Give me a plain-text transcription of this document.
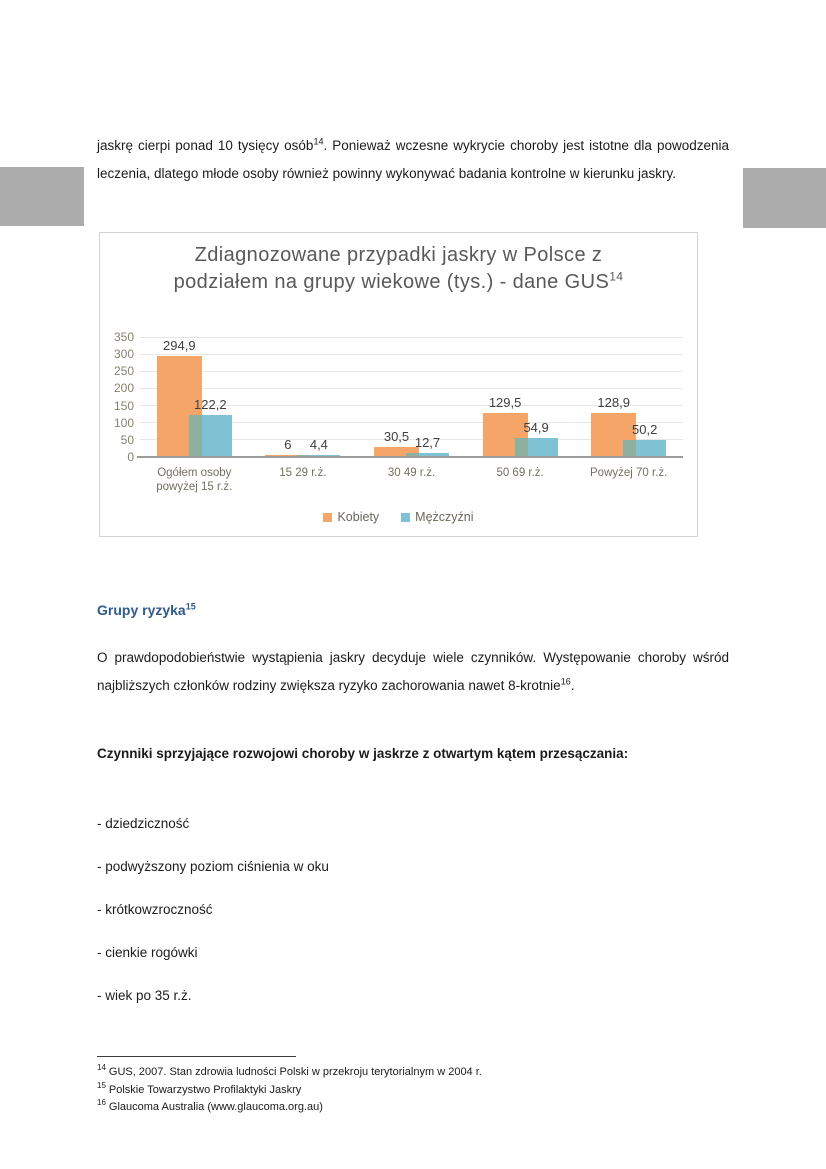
jaskrę cierpi ponad 10 tysięcy osób$^{14}$. Ponieważ wczesne wykrycie choroby jest istotne dla powodzenia leczenia, dlatego młode osoby również powinny wykonywać badania kontrolne w kierunku jaskry.

Zdiagnozowane przypadki jaskry w Polsce z podziałem na grupy wiekowe (tys.) - dane GUS$^{14}$
0
50
100
150
200
250
300
350
294,9
122,2
Ogółem osoby powyżej 15 r.ż.
6	4,4
15 29 r.ż.
30,5 12,7
30 49 r.ż.
129,5
54,9
50 69 r.ż.
128,9
50,2
Powyżej 70 r.ż.
Kobiety	Mężczyźni
Grupy ryzyka$^{15}$

O prawdopodobieństwie wystąpienia jaskry decyduje wiele czynników. Występowanie choroby wśród najbliższych członków rodziny zwiększa ryzyko zachorowania nawet 8-krotnie$^{16}$.

Czynniki sprzyjające rozwojowi choroby w jaskrze z otwartym kątem przesączania:

- dziedziczność

- podwyższony poziom ciśnienia w oku

- krótkowzroczność

- cienkie rogówki

- wiek po 35 r.ż.

$^{14}$ GUS, 2007. Stan zdrowia ludności Polski w przekroju terytorialnym w 2004 r.

$^{15}$ Polskie Towarzystwo Profilaktyki Jaskry

$^{16}$ Glaucoma Australia (www.glaucoma.org.au)
